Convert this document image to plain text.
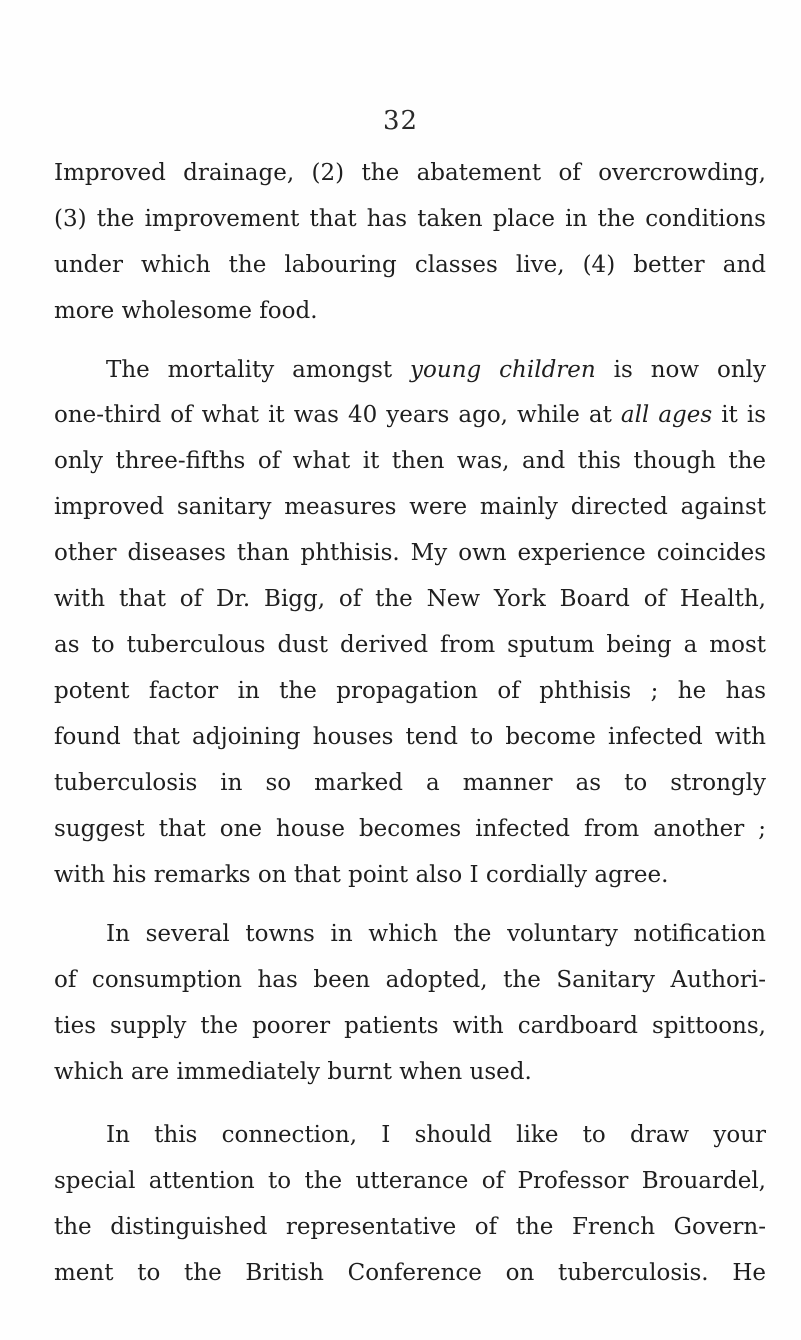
32
Improved drainage, (2) the abatement of overcrowding,
(3) the improvement that has taken place in the conditions
under which the labouring classes live, (4) better and
more wholesome food.
The mortality amongst young children is now only
one-third of what it was 40 years ago, while at all ages it is
only three-fifths of what it then was, and this though the
improved sanitary measures were mainly directed against
other diseases than phthisis. My own experience coincides
with that of Dr. Bigg, of the New York Board of Health,
as to tuberculous dust derived from sputum being a most
potent factor in the propagation of phthisis ; he has
found that adjoining houses tend to become infected with
tuberculosis in so marked a manner as to strongly
suggest that one house becomes infected from another ;
with his remarks on that point also I cordially agree.
In several towns in which the voluntary notification
of consumption has been adopted, the Sanitary Authori-
ties supply the poorer patients with cardboard spittoons,
which are immediately burnt when used.
In this connection, I should like to draw your
special attention to the utterance of Professor Brouardel,
the distinguished representative of the French Govern-
ment to the British Conference on tuberculosis. He
